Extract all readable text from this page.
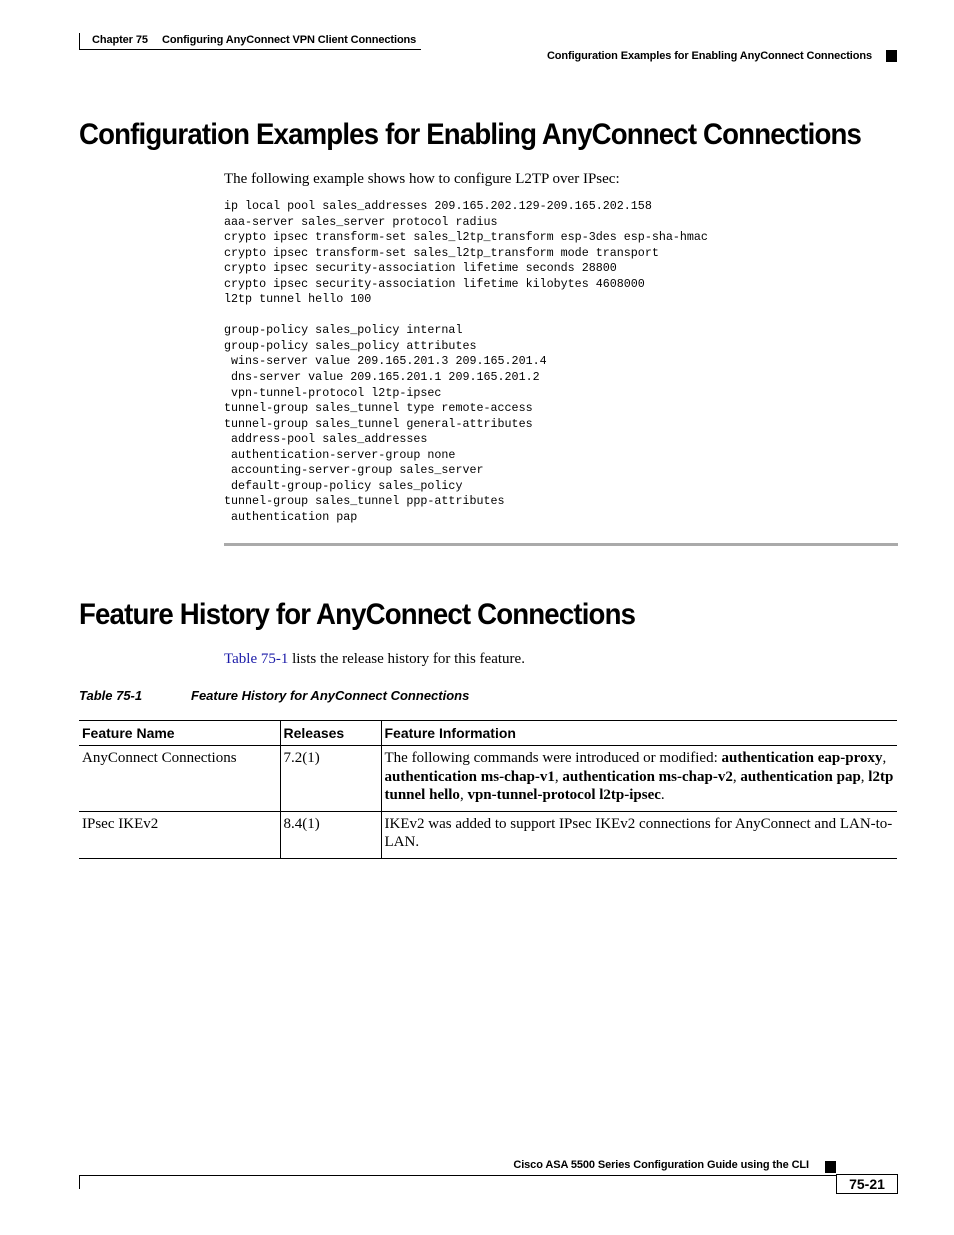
Chapter 75 Configuring AnyConnect VPN Client Connections
Configuration Examples for Enabling AnyConnect Connections
Configuration Examples for Enabling AnyConnect Connections
The following example shows how to configure L2TP over IPsec:
ip local pool sales_addresses 209.165.202.129-209.165.202.158
aaa-server sales_server protocol radius
crypto ipsec transform-set sales_l2tp_transform esp-3des esp-sha-hmac
crypto ipsec transform-set sales_l2tp_transform mode transport
crypto ipsec security-association lifetime seconds 28800
crypto ipsec security-association lifetime kilobytes 4608000
l2tp tunnel hello 100

group-policy sales_policy internal
group-policy sales_policy attributes
wins-server value 209.165.201.3 209.165.201.4
dns-server value 209.165.201.1 209.165.201.2
vpn-tunnel-protocol l2tp-ipsec
tunnel-group sales_tunnel type remote-access
tunnel-group sales_tunnel general-attributes
address-pool sales_addresses
authentication-server-group none
accounting-server-group sales_server
default-group-policy sales_policy
tunnel-group sales_tunnel ppp-attributes
authentication pap
Feature History for AnyConnect Connections
Table 75-1 lists the release history for this feature.
Table 75-1	Feature History for AnyConnect Connections
Feature Name	Releases	Feature Information
AnyConnect Connections	7.2(1)	The following commands were introduced or modified: authentication eap-proxy, authentication ms-chap-v1, authentication ms-chap-v2, authentication pap, l2tp tunnel hello, vpn-tunnel-protocol l2tp-ipsec.
IPsec IKEv2	8.4(1)	IKEv2 was added to support IPsec IKEv2 connections for AnyConnect and LAN-to-LAN.
Cisco ASA 5500 Series Configuration Guide using the CLI
75-21
